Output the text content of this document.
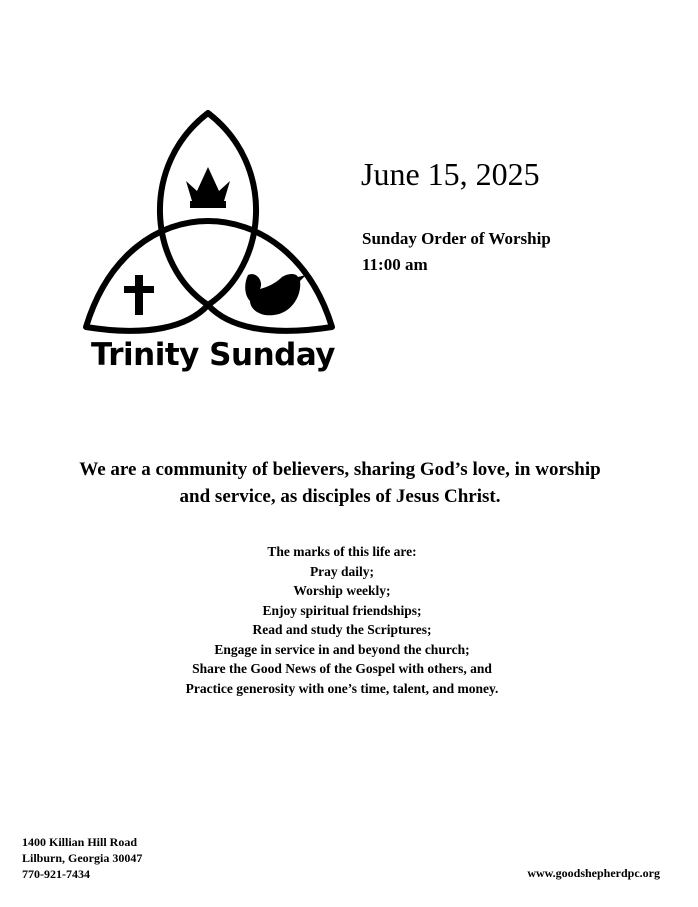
Trinity Sunday
June 15, 2025
Sunday Order of Worship
11:00 am
We are a community of believers, sharing God’s love, in worship
and service, as disciples of Jesus Christ.
The marks of this life are:
Pray daily;
Worship weekly;
Enjoy spiritual friendships;
Read and study the Scriptures;
Engage in service in and beyond the church;
Share the Good News of the Gospel with others, and
Practice generosity with one’s time, talent, and money.
1400 Killian Hill Road
Lilburn, Georgia 30047
770-921-7434	www.goodshepherdpc.org
